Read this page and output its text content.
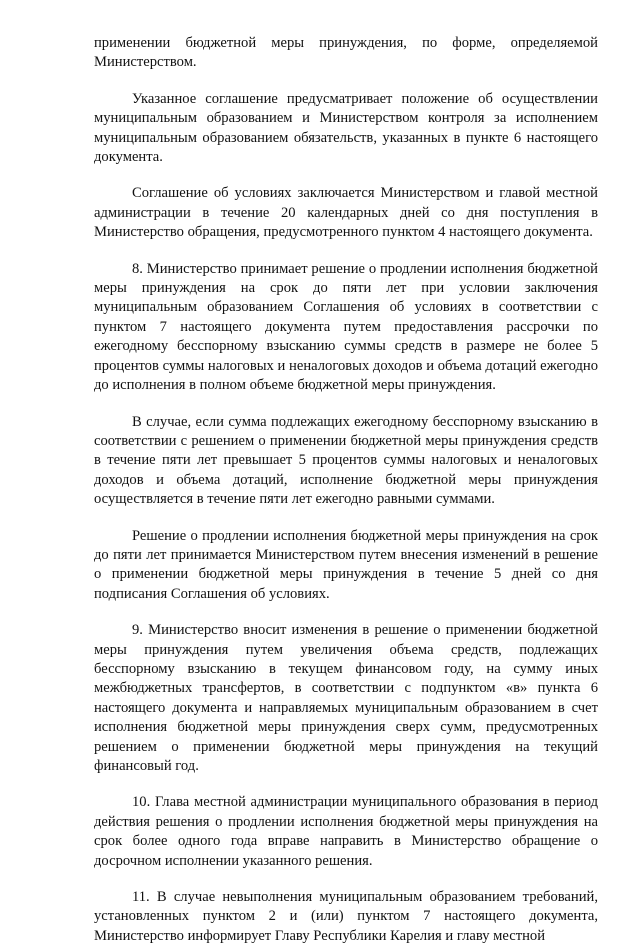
применении бюджетной меры принуждения, по форме, определяемой Министерством.

Указанное соглашение предусматривает положение об осуществлении муниципальным образованием и Министерством контроля за исполнением муниципальным образованием обязательств, указанных в пункте 6 настоящего документа.

Соглашение об условиях заключается Министерством и главой местной администрации в течение 20 календарных дней со дня поступления в Министерство обращения, предусмотренного пунктом 4 настоящего документа.

8. Министерство принимает решение о продлении исполнения бюджетной меры принуждения на срок до пяти лет при условии заключения муниципальным образованием Соглашения об условиях в соответствии с пунктом 7 настоящего документа путем предоставления рассрочки по ежегодному бесспорному взысканию суммы средств в размере не более 5 процентов суммы налоговых и неналоговых доходов и объема дотаций ежегодно до исполнения в полном объеме бюджетной меры принуждения.

В случае, если сумма подлежащих ежегодному бесспорному взысканию в соответствии с решением о применении бюджетной меры принуждения средств в течение пяти лет превышает 5 процентов суммы налоговых и неналоговых доходов и объема дотаций, исполнение бюджетной меры принуждения осуществляется в течение пяти лет ежегодно равными суммами.

Решение о продлении исполнения бюджетной меры принуждения на срок до пяти лет принимается Министерством путем внесения изменений в решение о применении бюджетной меры принуждения в течение 5 дней со дня подписания Соглашения об условиях.

9. Министерство вносит изменения в решение о применении бюджетной меры принуждения путем увеличения объема средств, подлежащих бесспорному взысканию в текущем финансовом году, на сумму иных межбюджетных трансфертов, в соответствии с подпунктом «в» пункта 6 настоящего документа и направляемых муниципальным образованием в счет исполнения бюджетной меры принуждения сверх сумм, предусмотренных решением о применении бюджетной меры принуждения на текущий финансовый год.

10. Глава местной администрации муниципального образования в период действия решения о продлении исполнения бюджетной меры принуждения на срок более одного года вправе направить в Министерство обращение о досрочном исполнении указанного решения.

11. В случае невыполнения муниципальным образованием требований, установленных пунктом 2 и (или) пунктом 7 настоящего документа, Министерство информирует Главу Республики Карелия и главу местной
